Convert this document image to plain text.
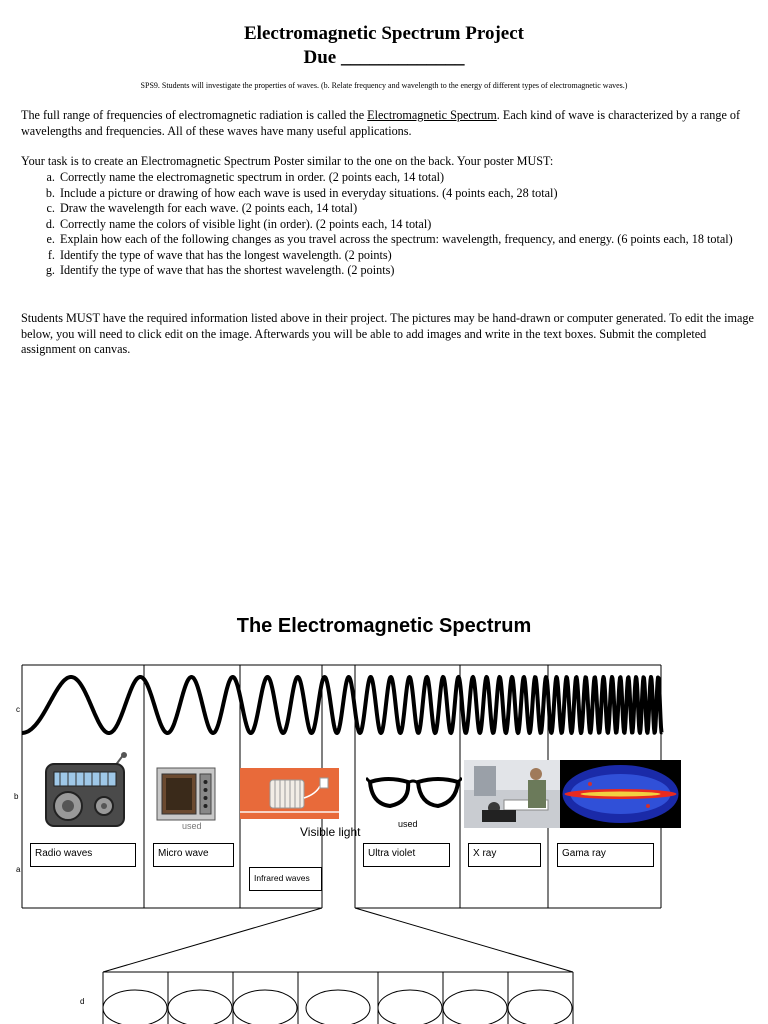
Electromagnetic Spectrum Project
Due _____________
SPS9. Students will investigate the properties of waves. (b. Relate frequency and wavelength to the energy of different types of electromagnetic waves.)

The full range of frequencies of electromagnetic radiation is called the Electromagnetic Spectrum. Each kind of wave is characterized by a range of wavelengths and frequencies. All of these waves have many useful applications.

Your task is to create an Electromagnetic Spectrum Poster similar to the one on the back. Your poster MUST:

a. Correctly name the electromagnetic spectrum in order. (2 points each, 14 total)
b. Include a picture or drawing of how each wave is used in everyday situations. (4 points each, 28 total)
c. Draw the wavelength for each wave. (2 points each, 14 total)
d. Correctly name the colors of visible light (in order). (2 points each, 14 total)
e. Explain how each of the following changes as you travel across the spectrum: wavelength, frequency, and energy. (6 points each, 18 total)
f. Identify the type of wave that has the longest wavelength. (2 points)
g. Identify the type of wave that has the shortest wavelength. (2 points)

Students MUST have the required information listed above in their project. The pictures may be hand-drawn or computer generated. To edit the image below, you will need to click edit on the image. Afterwards you will be able to add images and write in the text boxes. Submit the completed assignment on canvas.

The Electromagnetic Spectrum
c
b
a
d
used	Visible light
used
Radio waves	Micro wave
Infrared waves
Ultra violet	X ray	Gama ray
